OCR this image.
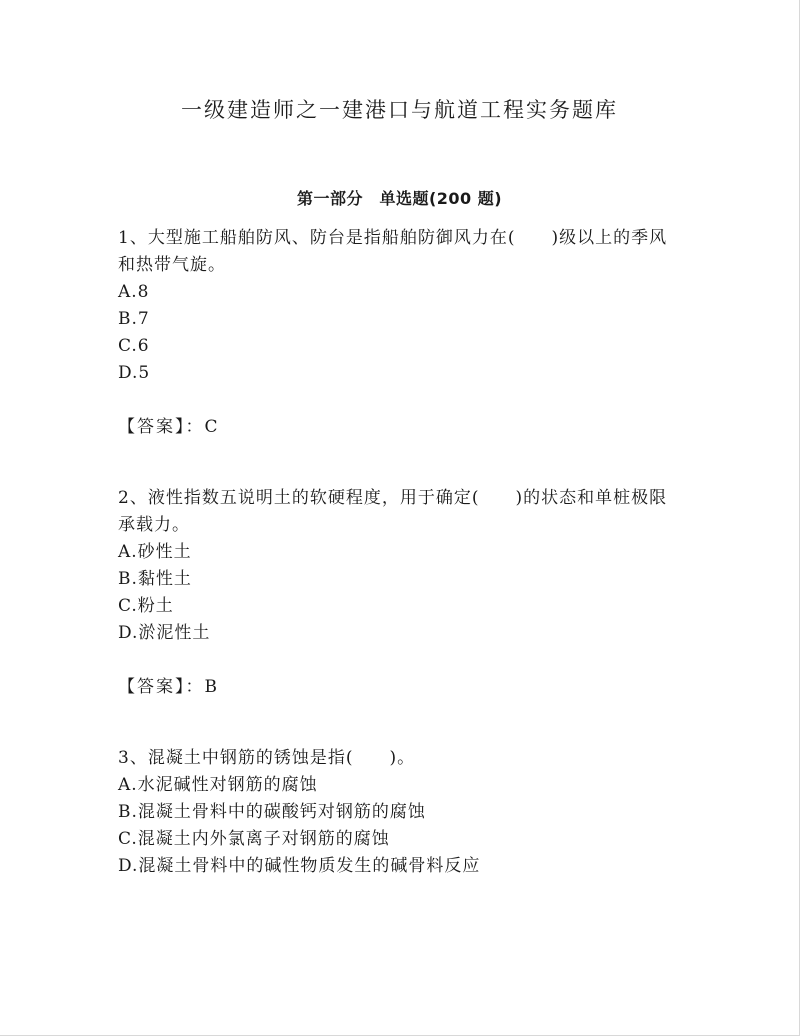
一级建造师之一建港口与航道工程实务题库
第一部分　单选题(200 题)

1、大型施工船舶防风、防台是指船舶防御风力在(　　)级以上的季风

和热带气旋。

A.8

B.7

C.6

D.5

【答案】：C

2、液性指数五说明土的软硬程度，用于确定(　　)的状态和单桩极限

承载力。

A.砂性土

B.黏性土

C.粉土

D.淤泥性土

【答案】：B

3、混凝土中钢筋的锈蚀是指(　　)。

A.水泥碱性对钢筋的腐蚀

B.混凝土骨料中的碳酸钙对钢筋的腐蚀

C.混凝土内外氯离子对钢筋的腐蚀

D.混凝土骨料中的碱性物质发生的碱骨料反应
